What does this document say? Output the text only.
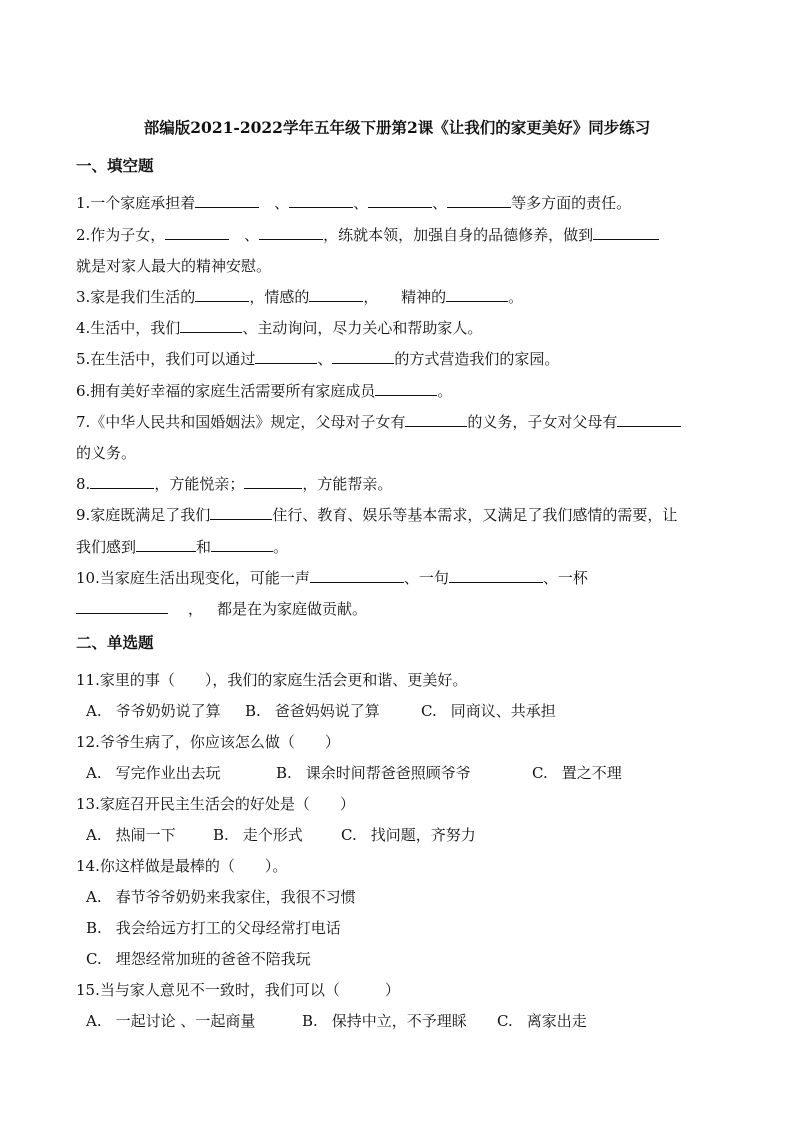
部编版2021-2022学年五年级下册第2课《让我们的家更美好》同步练习
一、填空题
1.一个家庭承担着	、	、	、	等多方面的责任。
2.作为子女，	、	，练就本领，加强自身的品德修养，做到
就是对家人最大的精神安慰。
3.家是我们生活的	，情感的	， 精神的	。
4.生活中，我们	、主动询问，尽力关心和帮助家人。
5.在生活中，我们可以通过	、	的方式营造我们的家园。
6.拥有美好幸福的家庭生活需要所有家庭成员	。
7.《中华人民共和国婚姻法》规定，父母对子女有	的义务，子女对父母有
的义务。
8.	，方能悦亲；	，方能帮亲。
9.家庭既满足了我们	住行、教育、娱乐等基本需求，又满足了我们感情的需要，让
我们感到	和	。
10.当家庭生活出现变化，可能一声	、一句	、一杯
， 都是在为家庭做贡献。
二、单选题
11.家里的事（　　），我们的家庭生活会更和谐、更美好。
A. 爷爷奶奶说了算 B. 爸爸妈妈说了算	C. 同商议、共承担
12.爷爷生病了，你应该怎么做（　　）
A. 写完作业出去玩	B. 课余时间帮爸爸照顾爷爷	C. 置之不理
13.家庭召开民主生活会的好处是（　　）
A. 热闹一下 B. 走个形式	C. 找问题，齐努力
14.你这样做是最棒的（　　）。
A. 春节爷爷奶奶来我家住，我很不习惯
B. 我会给远方打工的父母经常打电话
C. 埋怨经常加班的爸爸不陪我玩
15.当与家人意见不一致时，我们可以（　　　）
A. 一起讨论 、一起商量	B. 保持中立，不予理睬 C. 离家出走
